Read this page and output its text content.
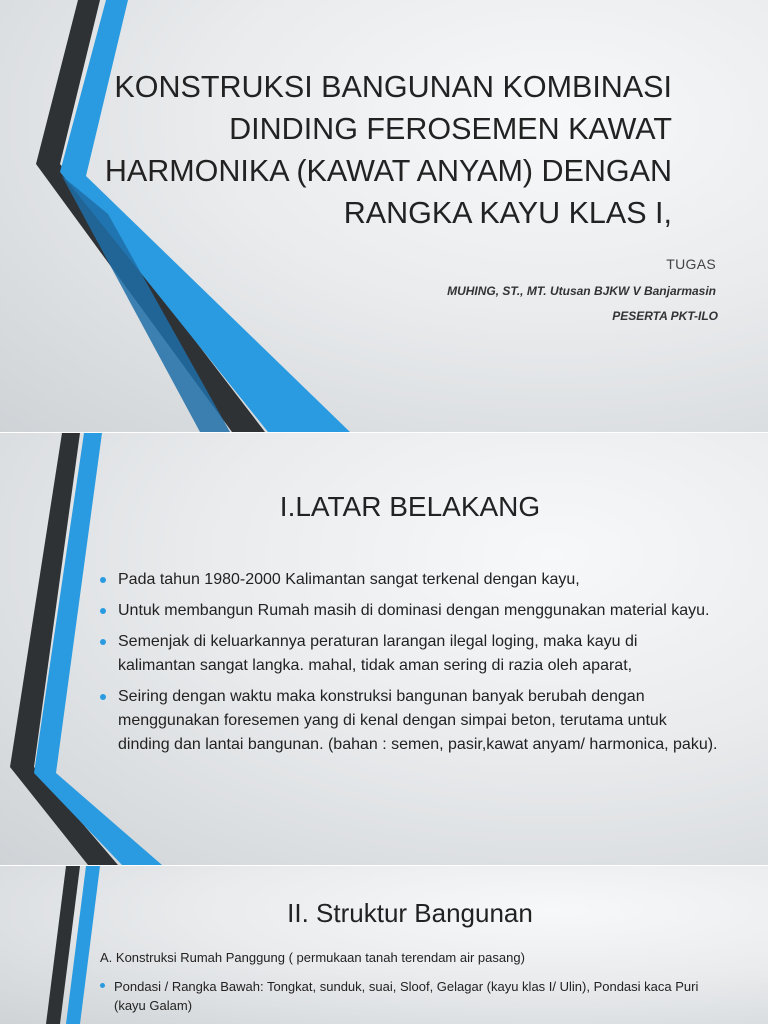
KONSTRUKSI BANGUNAN KOMBINASI DINDING FEROSEMEN KAWAT HARMONIKA (KAWAT ANYAM) DENGAN RANGKA KAYU KLAS I,
TUGAS
MUHING, ST., MT. Utusan BJKW V Banjarmasin
PESERTA PKT-ILO
I.LATAR BELAKANG
Pada tahun 1980-2000 Kalimantan sangat terkenal dengan kayu,
Untuk membangun Rumah masih di dominasi dengan menggunakan material kayu.
Semenjak di keluarkannya peraturan larangan ilegal loging, maka kayu di kalimantan sangat langka. mahal, tidak aman sering di razia oleh aparat,
Seiring dengan waktu maka konstruksi bangunan banyak berubah dengan menggunakan foresemen yang di kenal dengan simpai beton, terutama untuk dinding dan lantai bangunan. (bahan : semen, pasir,kawat anyam/ harmonica, paku).
II. Struktur Bangunan
A. Konstruksi Rumah Panggung ( permukaan tanah terendam air pasang)
Pondasi / Rangka Bawah: Tongkat, sunduk, suai, Sloof, Gelagar (kayu klas I/ Ulin), Pondasi kaca Puri (kayu Galam)
